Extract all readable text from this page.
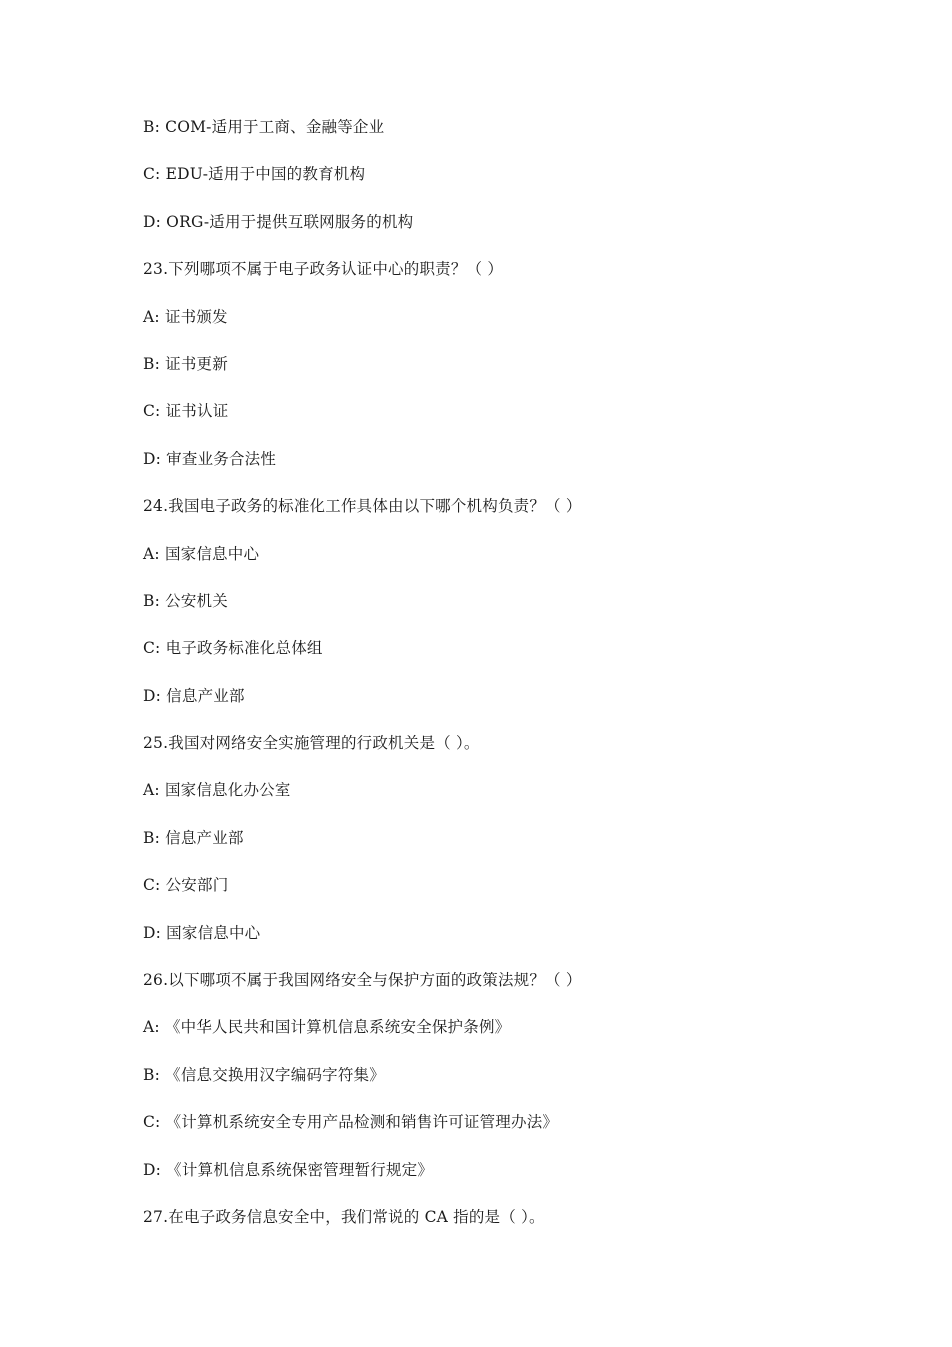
B: COM-适用于工商、金融等企业
C: EDU-适用于中国的教育机构
D: ORG-适用于提供互联网服务的机构
23.下列哪项不属于电子政务认证中心的职责？（ ）
A: 证书颁发
B: 证书更新
C: 证书认证
D: 审查业务合法性
24.我国电子政务的标准化工作具体由以下哪个机构负责？（ ）
A: 国家信息中心
B: 公安机关
C: 电子政务标准化总体组
D: 信息产业部
25.我国对网络安全实施管理的行政机关是（ ）。
A: 国家信息化办公室
B: 信息产业部
C: 公安部门
D: 国家信息中心
26.以下哪项不属于我国网络安全与保护方面的政策法规？（ ）
A: 《中华人民共和国计算机信息系统安全保护条例》
B: 《信息交换用汉字编码字符集》
C: 《计算机系统安全专用产品检测和销售许可证管理办法》
D: 《计算机信息系统保密管理暂行规定》
27.在电子政务信息安全中，我们常说的 CA 指的是（ ）。
